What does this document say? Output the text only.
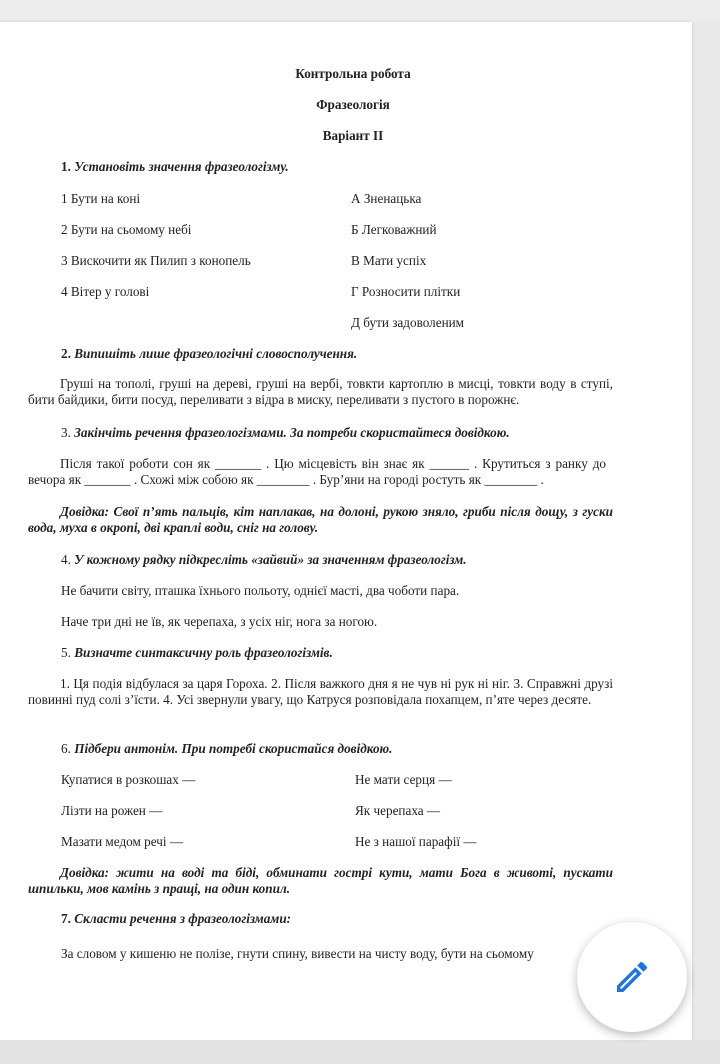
Контрольна робота
Фразеологія
Варіант II
1. Установіть значення фразеологізму.
1 Бути на коні
2 Бути на сьомому небі
3 Вискочити як Пилип з конопель
4 Вітер у голові
А Зненацька
Б Легковажний
В Мати успіх
Г Розносити плітки
Д бути задоволеним
2. Випишіть лише фразеологічні словосполучення.
Груші на тополі, груші на дереві, груші на вербі, товкти картоплю в мисці, товкти воду в ступі, бити байдики, бити посуд, переливати з відра в миску, переливати з пустого в порожнє.
3. Закінчіть речення фразеологізмами. За потреби скористайтеся довідкою.
Після такої роботи сон як _______ . Цю місцевість він знає як ______ . Крутиться з ранку до вечора як _______ . Схожі між собою як ________ . Бур’яни на городі ростуть як ________ .
Довідка: Свої п’ять пальців, кіт наплакав, на долоні, рукою зняло, гриби після дощу, з гуски вода, муха в окропі, дві краплі води, сніг на голову.
4. У кожному рядку підкресліть «зайвий» за значенням фразеологізм.
Не бачити світу, пташка їхнього польоту, однієї масті, два чоботи пара.
Наче три дні не їв, як черепаха, з усіх ніг, нога за ногою.
5. Визначте синтаксичну роль фразеологізмів.
1. Ця подія відбулася за царя Гороха. 2. Після важкого дня я не чув ні рук ні ніг. 3. Справжні друзі повинні пуд солі з’їсти. 4. Усі звернули увагу, що Катруся розповідала похапцем, п’яте через десяте.
6. Підбери антонім. При потребі скористайся довідкою.
Купатися в розкошах —
Лізти на рожен —
Мазати медом речі —
Не мати серця —
Як черепаха —
Не з нашої парафії —
Довідка: жити на воді та біді, обминати гострі кути, мати Бога в животі, пускати шпильки, мов камінь з пращі, на один копил.
7. Скласти речення з фразеологізмами:
За словом у кишеню не полізе, гнути спину, вивести на чисту воду, бути на сьомому
